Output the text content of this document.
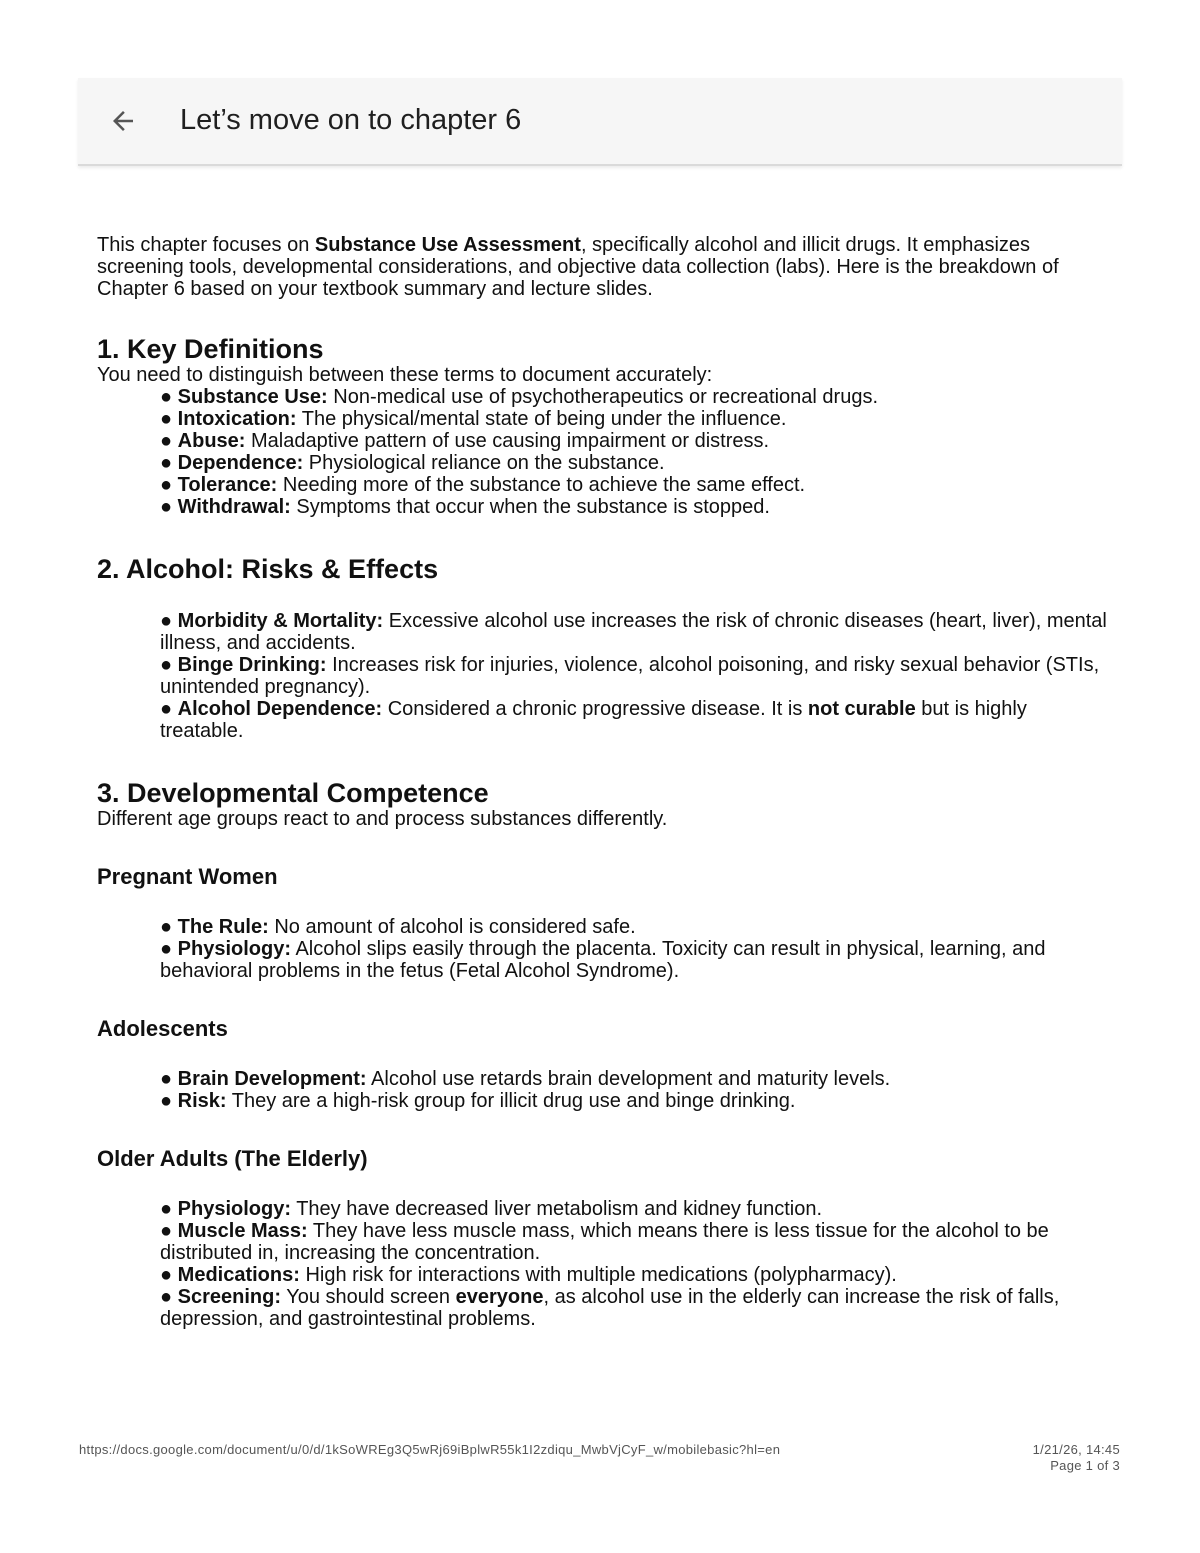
Let’s move on to chapter 6

This chapter focuses on Substance Use Assessment, specifically alcohol and illicit drugs. It emphasizes screening tools, developmental considerations, and objective data collection (labs). Here is the breakdown of Chapter 6 based on your textbook summary and lecture slides.

1. Key Definitions

You need to distinguish between these terms to document accurately:

● Substance Use: Non-medical use of psychotherapeutics or recreational drugs.

● Intoxication: The physical/mental state of being under the influence.

● Abuse: Maladaptive pattern of use causing impairment or distress.

● Dependence: Physiological reliance on the substance.

● Tolerance: Needing more of the substance to achieve the same effect.

● Withdrawal: Symptoms that occur when the substance is stopped.

2. Alcohol: Risks & Effects

● Morbidity & Mortality: Excessive alcohol use increases the risk of chronic diseases (heart, liver), mental illness, and accidents.

● Binge Drinking: Increases risk for injuries, violence, alcohol poisoning, and risky sexual behavior (STIs, unintended pregnancy).

● Alcohol Dependence: Considered a chronic progressive disease. It is not curable but is highly treatable.

3. Developmental Competence

Different age groups react to and process substances differently.

Pregnant Women

● The Rule: No amount of alcohol is considered safe.

● Physiology: Alcohol slips easily through the placenta. Toxicity can result in physical, learning, and behavioral problems in the fetus (Fetal Alcohol Syndrome).

Adolescents

● Brain Development: Alcohol use retards brain development and maturity levels.

● Risk: They are a high-risk group for illicit drug use and binge drinking.

Older Adults (The Elderly)

● Physiology: They have decreased liver metabolism and kidney function.

● Muscle Mass: They have less muscle mass, which means there is less tissue for the alcohol to be distributed in, increasing the concentration.

● Medications: High risk for interactions with multiple medications (polypharmacy).

● Screening: You should screen everyone, as alcohol use in the elderly can increase the risk of falls, depression, and gastrointestinal problems.

https://docs.google.com/document/u/0/d/1kSoWREg3Q5wRj69iBplwR55k1I2zdiqu_MwbVjCyF_w/mobilebasic?hl=en	1/21/26, 14:45
Page 1 of 3
